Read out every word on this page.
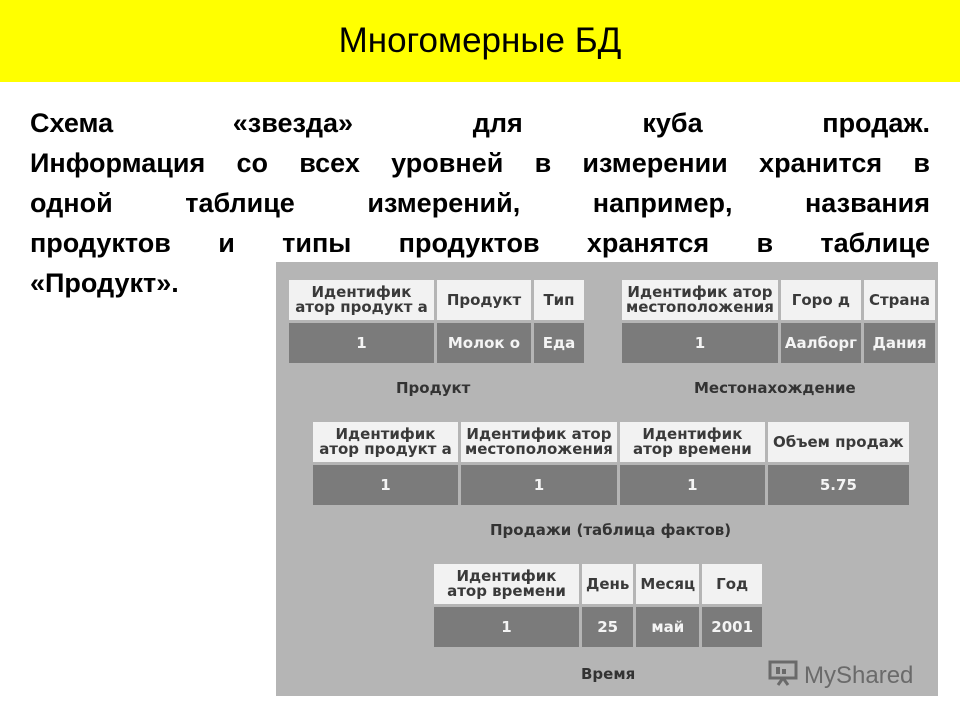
Многомерные БД
Схема «звезда» для куба продаж.
Информация со всех уровней в измерении хранится в
одной таблице измерений, например, названия
продуктов и типы продуктов хранятся в таблице
«Продукт».	Идентифик атор продукт а	Продукт	Тип
1	Молок о	Еда
Продукт
Идентифик атор местоположения	Горо д	Страна
1	Аалборг	Дания
Местонахождение
Идентифик атор продукт а	Идентифик атор местоположения	Идентифик атор времени	Объем продаж
1	1	1	5.75
Продажи (таблица фактов)
Идентифик атор времени	День	Месяц	Год
1	25	май	2001
Время	MyShared
